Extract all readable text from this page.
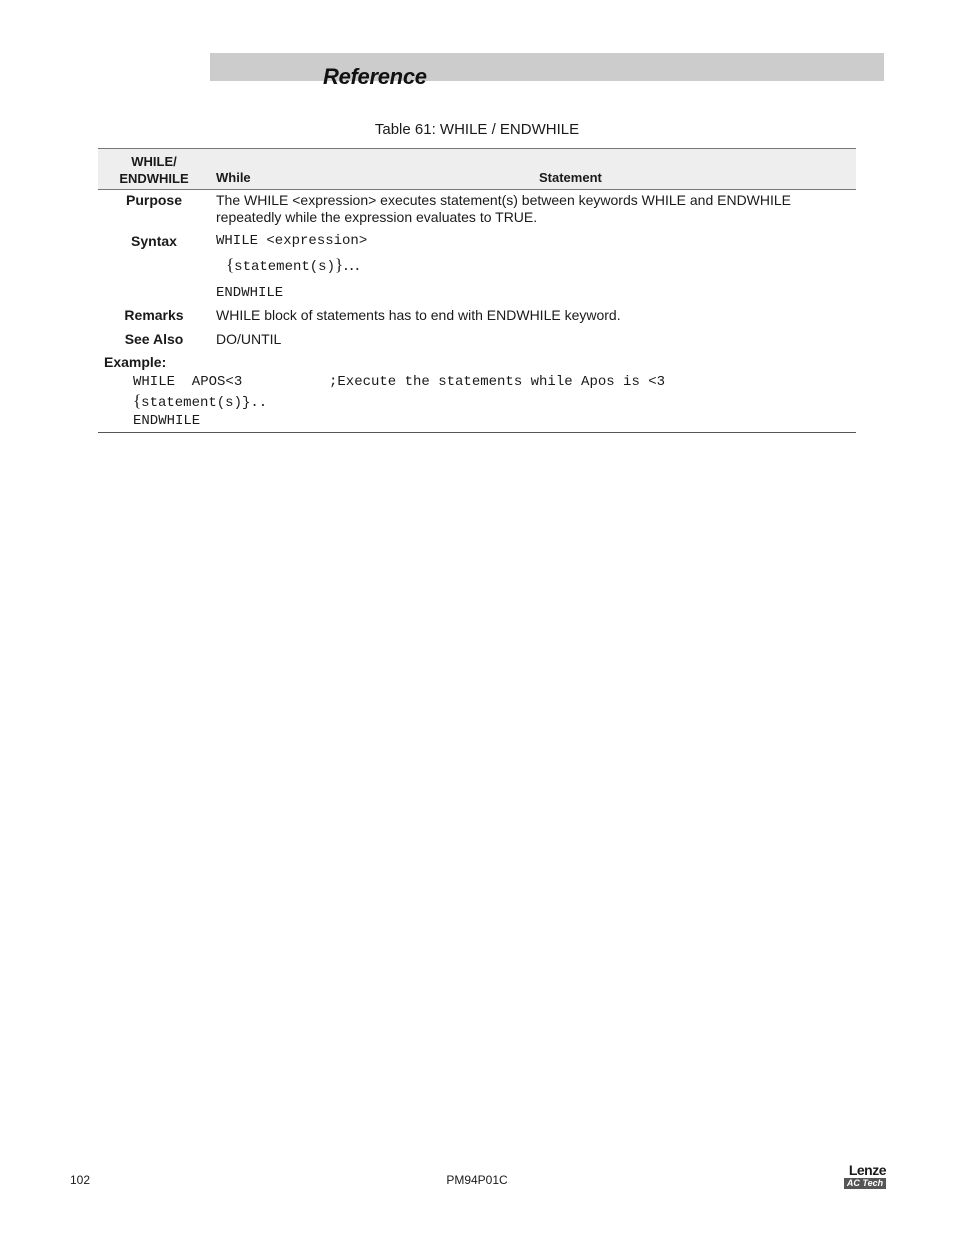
Reference
Table 61: WHILE / ENDWHILE
WHILE/
ENDWHILE	While	Statement
Purpose	The WHILE <expression> executes statement(s) between keywords WHILE and ENDWHILE
repeatedly while the expression evaluates to TRUE.
Syntax	WHILE <expression>
{statement(s)}…
ENDWHILE
Remarks	WHILE block of statements has to end with ENDWHILE keyword.
See Also	DO/UNTIL
Example:
WHILE  APOS<3	;Execute the statements while Apos is <3
{statement(s)}..
ENDWHILE
102	PM94P01C
Lenze
AC Tech
